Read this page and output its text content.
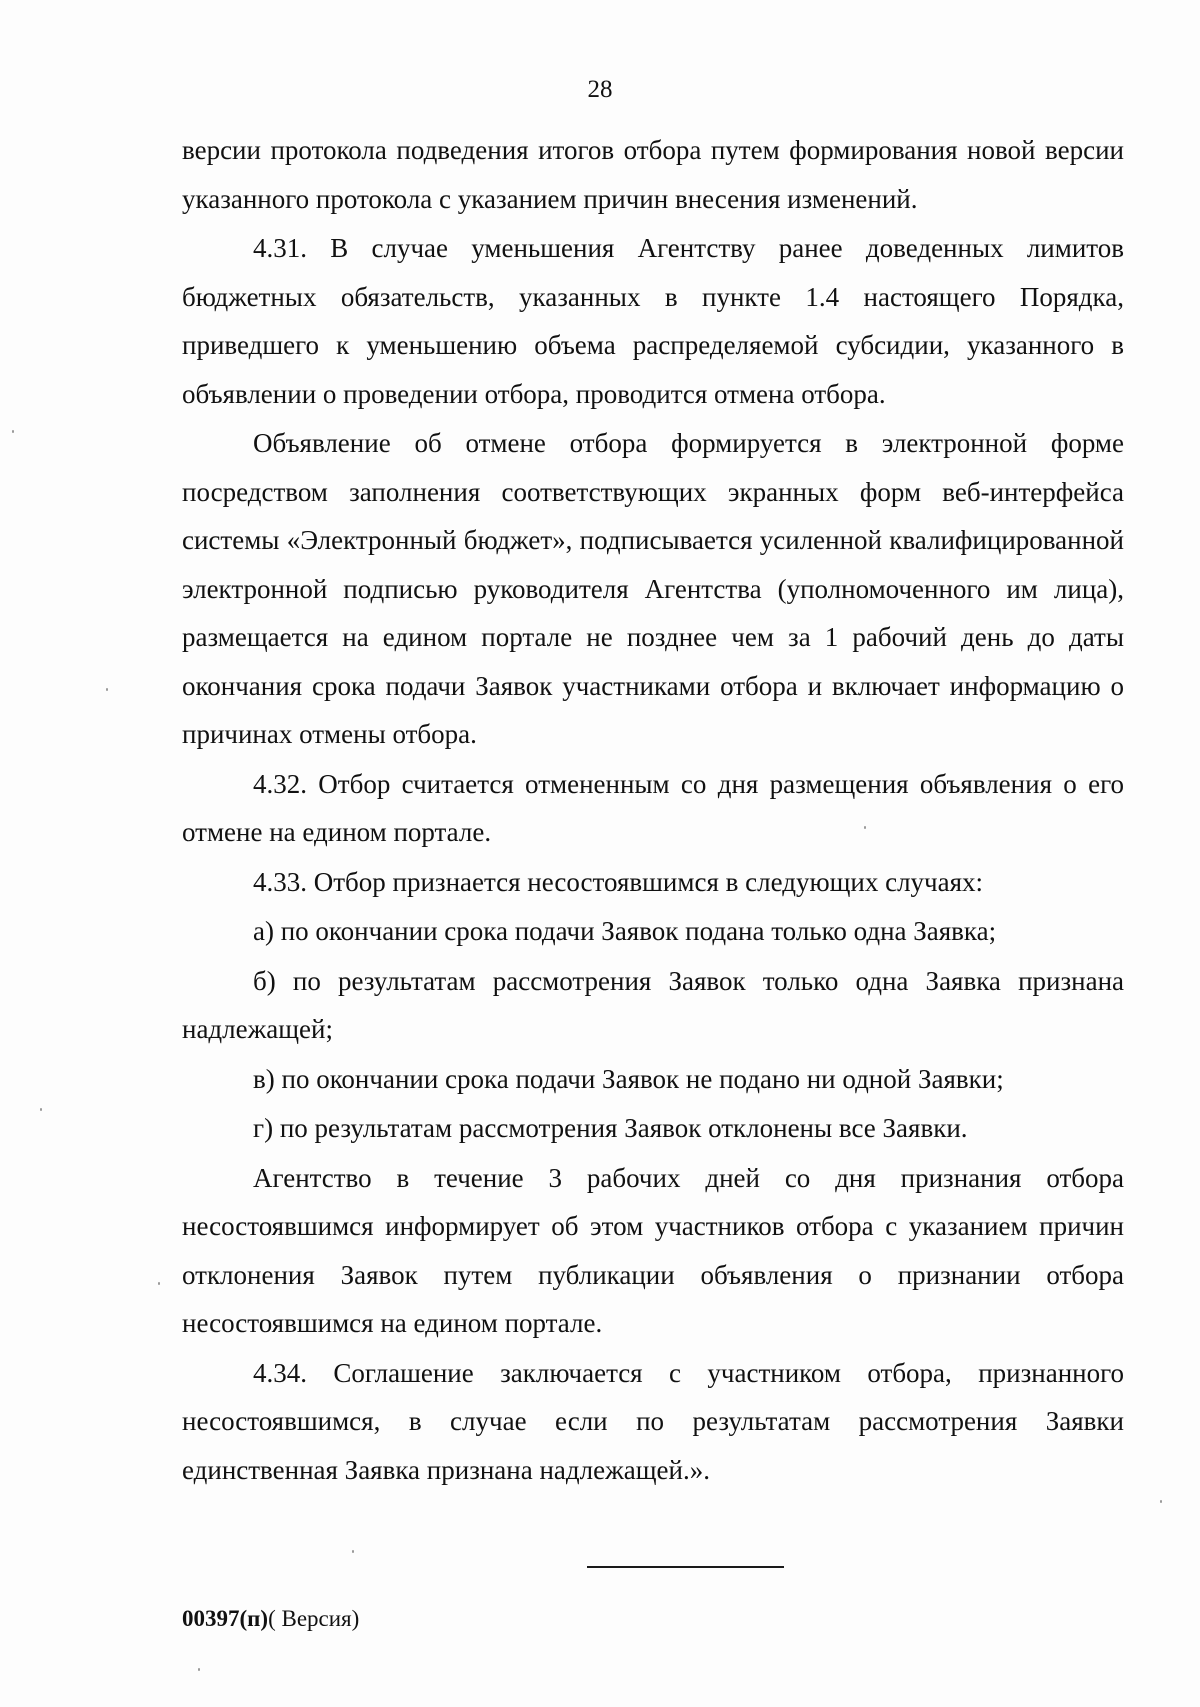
28

версии протокола подведения итогов отбора путем формирования новой версии указанного протокола с указанием причин внесения изменений.

4.31. В случае уменьшения Агентству ранее доведенных лимитов бюджетных обязательств, указанных в пункте 1.4 настоящего Порядка, приведшего к уменьшению объема распределяемой субсидии, указанного в объявлении о проведении отбора, проводится отмена отбора.

Объявление об отмене отбора формируется в электронной форме посредством заполнения соответствующих экранных форм веб-интерфейса системы «Электронный бюджет», подписывается усиленной квалифицированной электронной подписью руководителя Агентства (уполномоченного им лица), размещается на едином портале не позднее чем за 1 рабочий день до даты окончания срока подачи Заявок участниками отбора и включает информацию о причинах отмены отбора.

4.32. Отбор считается отмененным со дня размещения объявления о его отмене на едином портале.

4.33. Отбор признается несостоявшимся в следующих случаях:

а) по окончании срока подачи Заявок подана только одна Заявка;

б) по результатам рассмотрения Заявок только одна Заявка признана надлежащей;

в) по окончании срока подачи Заявок не подано ни одной Заявки;

г) по результатам рассмотрения Заявок отклонены все Заявки.

Агентство в течение 3 рабочих дней со дня признания отбора несостоявшимся информирует об этом участников отбора с указанием причин отклонения Заявок путем публикации объявления о признании отбора несостоявшимся на едином портале.

4.34. Соглашение заключается с участником отбора, признанного несостоявшимся, в случае если по результатам рассмотрения Заявки единственная Заявка признана надлежащей.».

00397(п)( Версия)
